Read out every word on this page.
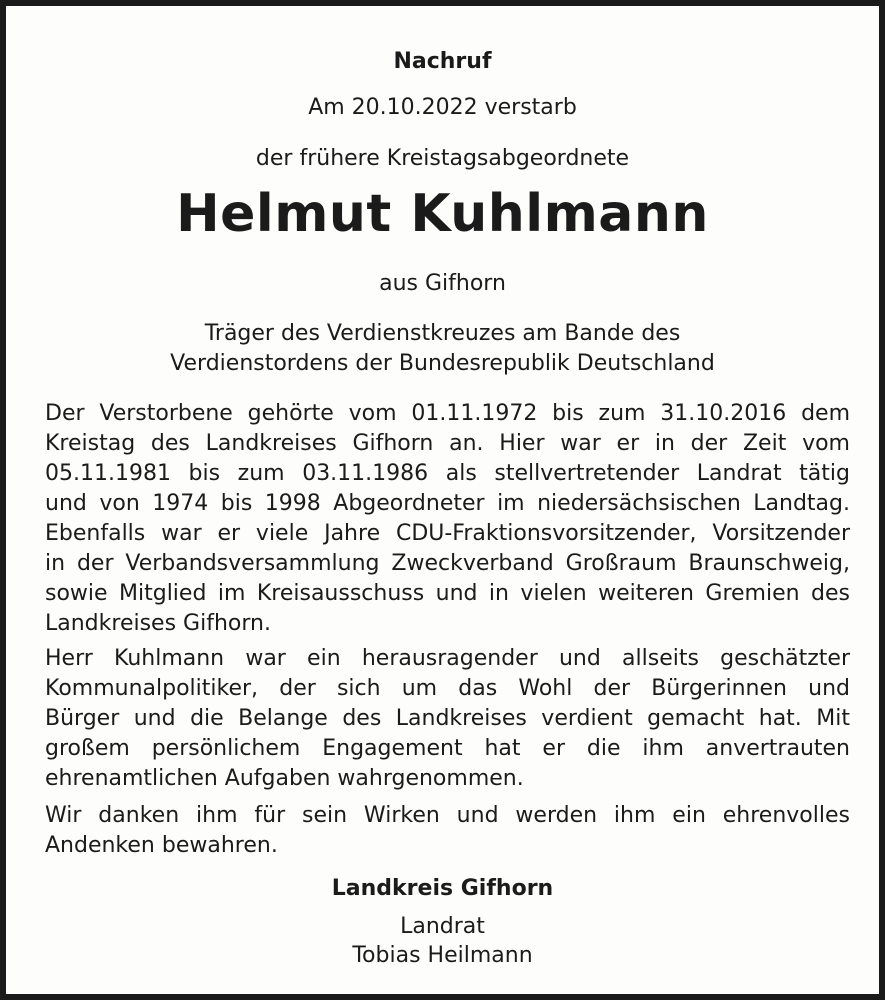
Nachruf
Am 20.10.2022 verstarb
der frühere Kreistagsabgeordnete
Helmut Kuhlmann
aus Gifhorn
Träger des Verdienstkreuzes am Bande des
Verdienstordens der Bundesrepublik Deutschland
Der Verstorbene gehörte vom 01.11.1972 bis zum 31.10.2016 dem
Kreistag des Landkreises Gifhorn an. Hier war er in der Zeit vom
05.11.1981 bis zum 03.11.1986 als stellvertretender Landrat tätig
und von 1974 bis 1998 Abgeordneter im niedersächsischen Landtag.
Ebenfalls war er viele Jahre CDU-Fraktionsvorsitzender, Vorsitzender
in der Verbandsversammlung Zweckverband Großraum Braunschweig,
sowie Mitglied im Kreisausschuss und in vielen weiteren Gremien des
Landkreises Gifhorn.
Herr Kuhlmann war ein herausragender und allseits geschätzter
Kommunalpolitiker, der sich um das Wohl der Bürgerinnen und
Bürger und die Belange des Landkreises verdient gemacht hat. Mit
großem persönlichem Engagement hat er die ihm anvertrauten
ehrenamtlichen Aufgaben wahrgenommen.
Wir danken ihm für sein Wirken und werden ihm ein ehrenvolles
Andenken bewahren.
Landkreis Gifhorn
Landrat
Tobias Heilmann
